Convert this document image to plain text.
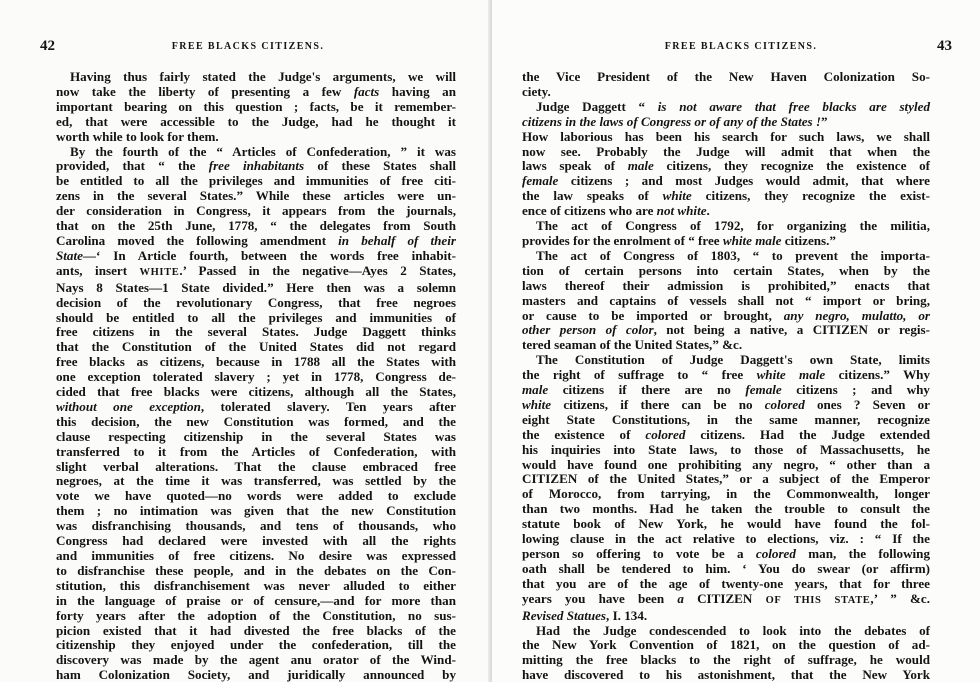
42	FREE BLACKS CITIZENS.
Having thus fairly stated the Judge's arguments, we will
now take the liberty of presenting a few facts having an
important bearing on this question ; facts, be it remember-
ed, that were accessible to the Judge, had he thought it
worth while to look for them.
By the fourth of the “ Articles of Confederation, ” it was
provided, that “ the free inhabitants of these States shall
be entitled to all the privileges and immunities of free citi-
zens in the several States.” While these articles were un-
der consideration in Congress, it appears from the journals,
that on the 25th June, 1778, “ the delegates from South
Carolina moved the following amendment in behalf of their
State—‘ In Article fourth, between the words free inhabit-
ants, insert WHITE.’ Passed in the negative—Ayes 2 States,
Nays 8 States—1 State divided.” Here then was a solemn
decision of the revolutionary Congress, that free negroes
should be entitled to all the privileges and immunities of
free citizens in the several States. Judge Daggett thinks
that the Constitution of the United States did not regard
free blacks as citizens, because in 1788 all the States with
one exception tolerated slavery ; yet in 1778, Congress de-
cided that free blacks were citizens, although all the States,
without one exception, tolerated slavery. Ten years after
this decision, the new Constitution was formed, and the
clause respecting citizenship in the several States was
transferred to it from the Articles of Confederation, with
slight verbal alterations. That the clause embraced free
negroes, at the time it was transferred, was settled by the
vote we have quoted—no words were added to exclude
them ; no intimation was given that the new Constitution
was disfranchising thousands, and tens of thousands, who
Congress had declared were invested with all the rights
and immunities of free citizens. No desire was expressed
to disfranchise these people, and in the debates on the Con-
stitution, this disfranchisement was never alluded to either
in the language of praise or of censure,—and for more than
forty years after the adoption of the Constitution, no sus-
picion existed that it had divested the free blacks of the
citizenship they enjoyed under the confederation, till the
discovery was made by the agent anu orator of the Wind-
ham Colonization Society, and juridically announced by
43
FREE BLACKS CITIZENS.
the Vice President of the New Haven Colonization So-
ciety.
Judge Daggett “ is not aware that free blacks are styled
citizens in the laws of Congress or of any of the States !”
How laborious has been his search for such laws, we shall
now see. Probably the Judge will admit that when the
laws speak of male citizens, they recognize the existence of
female citizens ; and most Judges would admit, that where
the law speaks of white citizens, they recognize the exist-
ence of citizens who are not white.
The act of Congress of 1792, for organizing the militia,
provides for the enrolment of “ free white male citizens.”
The act of Congress of 1803, “ to prevent the importa-
tion of certain persons into certain States, when by the
laws thereof their admission is prohibited,” enacts that
masters and captains of vessels shall not “ import or bring,
or cause to be imported or brought, any negro, mulatto, or
other person of color, not being a native, a CITIZEN or regis-
tered seaman of the United States,” &c.
The Constitution of Judge Daggett's own State, limits
the right of suffrage to “ free white male citizens.” Why
male citizens if there are no female citizens ; and why
white citizens, if there can be no colored ones ? Seven or
eight State Constitutions, in the same manner, recognize
the existence of colored citizens. Had the Judge extended
his inquiries into State laws, to those of Massachusetts, he
would have found one prohibiting any negro, “ other than a
CITIZEN of the United States,” or a subject of the Emperor
of Morocco, from tarrying, in the Commonwealth, longer
than two months. Had he taken the trouble to consult the
statute book of New York, he would have found the fol-
lowing clause in the act relative to elections, viz. : “ If the
person so offering to vote be a colored man, the following
oath shall be tendered to him. ‘ You do swear (or affirm)
that you are of the age of twenty-one years, that for three
years you have been a CITIZEN OF THIS STATE,’ ” &c.
Revised Statues, I. 134.
Had the Judge condescended to look into the debates of
the New York Convention of 1821, on the question of ad-
mitting the free blacks to the right of suffrage, he would
have discovered to his astonishment, that the New York
